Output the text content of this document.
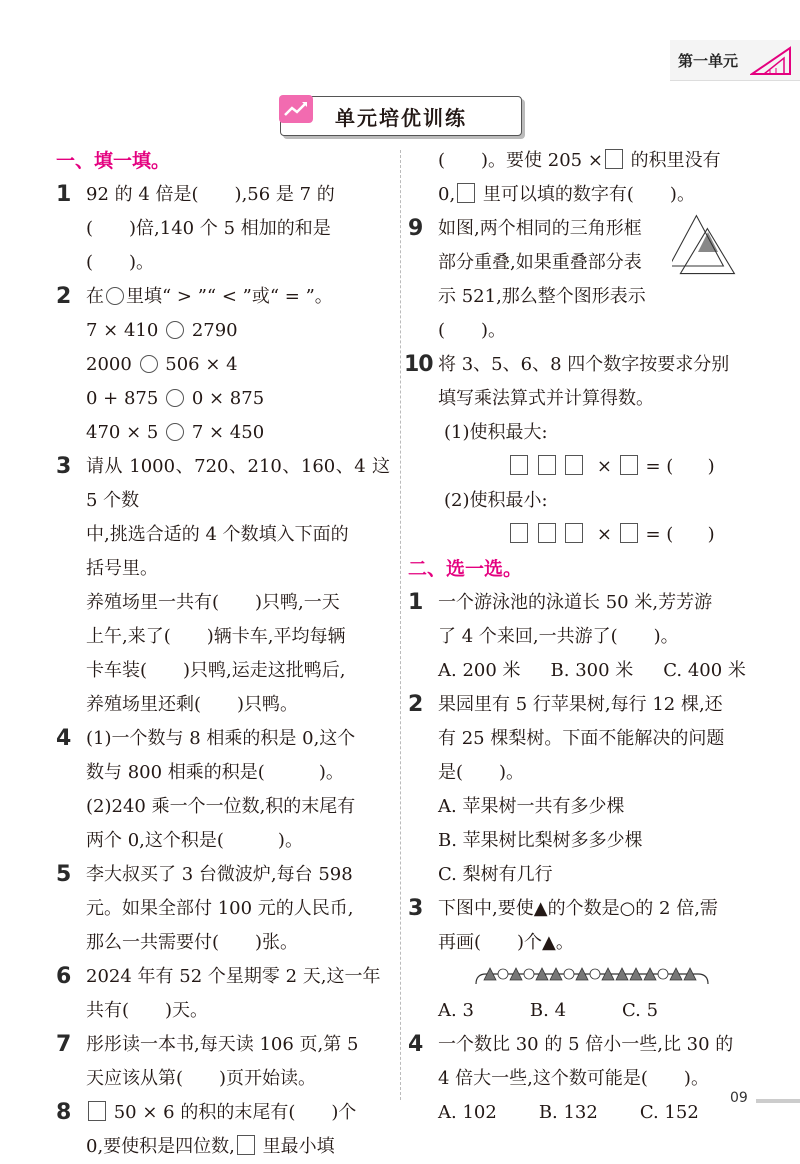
第一单元
单元培优训练
一、填一填。
1 92 的 4 倍是(　　),56 是 7 的
(　　)倍,140 个 5 相加的和是
(　　)。
2 在 里填“ > ”“ < ”或“ = ”。
7 × 410 2790
2000 506 × 4
0 + 875 0 × 875
470 × 5 7 × 450
3 请从 1000、720、210、160、4 这 5 个数
中,挑选合适的 4 个数填入下面的
括号里。
养殖场里一共有(　　)只鸭,一天
上午,来了(　　)辆卡车,平均每辆
卡车装(　　)只鸭,运走这批鸭后,
养殖场里还剩(　　)只鸭。
4 (1)一个数与 8 相乘的积是 0,这个
数与 800 相乘的积是(　　　)。
(2)240 乘一个一位数,积的末尾有
两个 0,这个积是(　　　)。
5 李大叔买了 3 台微波炉,每台 598
元。如果全部付 100 元的人民币,
那么一共需要付(　　)张。
6 2024 年有 52 个星期零 2 天,这一年
共有(　　)天。
7 彤彤读一本书,每天读 106 页,第 5
天应该从第(　　)页开始读。
8	50 × 6 的积的末尾有(　　)个
0,要使积是四位数, 里最小填
(　　)。要使 205 × 的积里没有
0, 里可以填的数字有(　　)。
9 如图,两个相同的三角形框
部分重叠,如果重叠部分表
示 521,那么整个图形表示
(　　)。
10 将 3、5、6、8 四个数字按要求分别
填写乘法算式并计算得数。
(1)使积最大:
×  = (      )
(2)使积最小:
×  = (      )
二、选一选。
1 一个游泳池的泳道长 50 米,芳芳游
了 4 个来回,一共游了(　　)。
A. 200 米 B. 300 米 C. 400 米
2 果园里有 5 行苹果树,每行 12 棵,还
有 25 棵梨树。下面不能解决的问题
是(　　)。
A. 苹果树一共有多少棵
B. 苹果树比梨树多多少棵
C. 梨树有几行
3 下图中,要使▲的个数是○的 2 倍,需
再画(　　)个▲。
A. 3	B. 4	C. 5
4 一个数比 30 的 5 倍小一些,比 30 的
4 倍大一些,这个数可能是(　　)。
A. 102 B. 132 C. 152
09
